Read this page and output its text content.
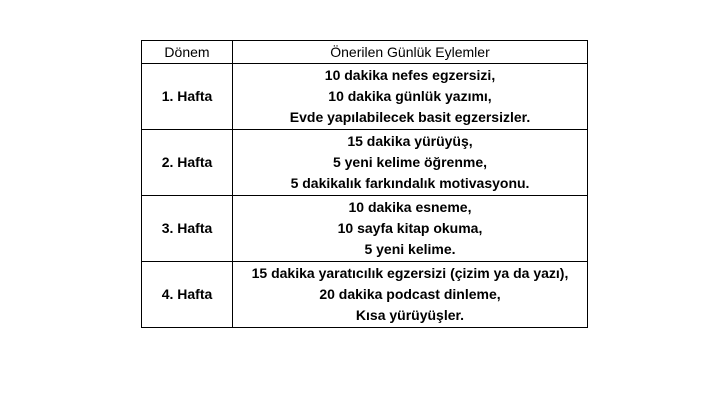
Dönem	Önerilen Günlük Eylemler
1. Hafta	10 dakika nefes egzersizi,
10 dakika günlük yazımı,
Evde yapılabilecek basit egzersizler.

2. Hafta	15 dakika yürüyüş,
5 yeni kelime öğrenme,
5 dakikalık farkındalık motivasyonu.

3. Hafta	10 dakika esneme,
10 sayfa kitap okuma,
5 yeni kelime.

4. Hafta	15 dakika yaratıcılık egzersizi (çizim ya da yazı),
20 dakika podcast dinleme,
Kısa yürüyüşler.
